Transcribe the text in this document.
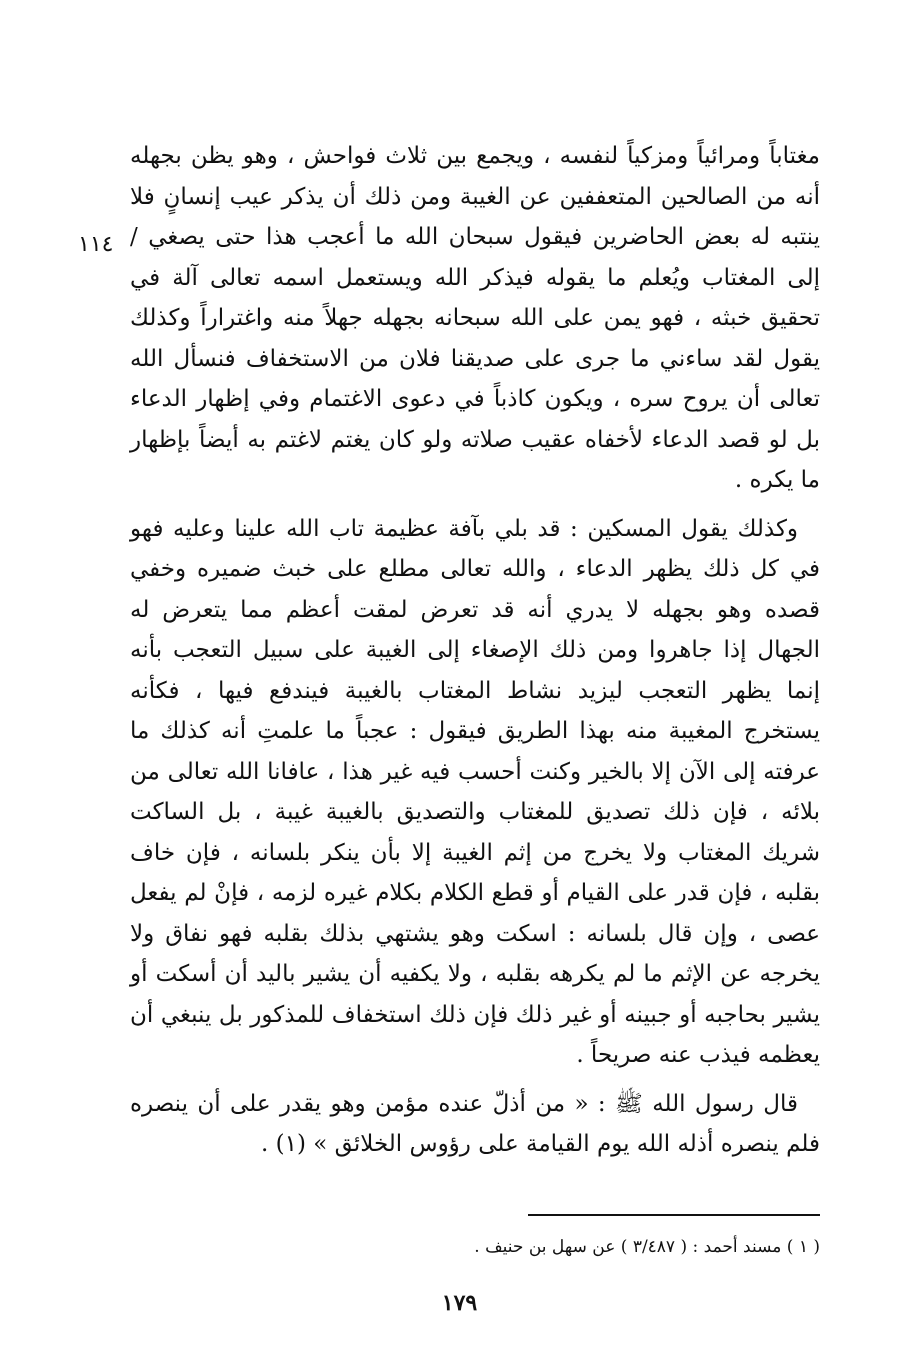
١١٤

مغتاباً ومرائياً ومزكياً لنفسه ، ويجمع بين ثلاث فواحش ، وهو يظن بجهله أنه من الصالحين المتعففين عن الغيبة ومن ذلك أن يذكر عيب إنسانٍ فلا ينتبه له بعض الحاضرين فيقول سبحان الله ما أعجب هذا حتى يصغي / إلى المغتاب ويُعلم ما يقوله فيذكر الله ويستعمل اسمه تعالى آلة في تحقيق خبثه ، فهو يمن على الله سبحانه بجهله جهلاً منه واغتراراً وكذلك يقول لقد ساءني ما جرى على صديقنا فلان من الاستخفاف فنسأل الله تعالى أن يروح سره ، ويكون كاذباً في دعوى الاغتمام وفي إظهار الدعاء بل لو قصد الدعاء لأخفاه عقيب صلاته ولو كان يغتم لاغتم به أيضاً بإظهار ما يكره .

وكذلك يقول المسكين : قد بلي بآفة عظيمة تاب الله علينا وعليه فهو في كل ذلك يظهر الدعاء ، والله تعالى مطلع على خبث ضميره وخفي قصده وهو بجهله لا يدري أنه قد تعرض لمقت أعظم مما يتعرض له الجهال إذا جاهروا ومن ذلك الإصغاء إلى الغيبة على سبيل التعجب بأنه إنما يظهر التعجب ليزيد نشاط المغتاب بالغيبة فيندفع فيها ، فكأنه يستخرج المغيبة منه بهذا الطريق فيقول : عجباً ما علمتِ أنه كذلك ما عرفته إلى الآن إلا بالخير وكنت أحسب فيه غير هذا ، عافانا الله تعالى من بلائه ، فإن ذلك تصديق للمغتاب والتصديق بالغيبة غيبة ، بل الساكت شريك المغتاب ولا يخرج من إثم الغيبة إلا بأن ينكر بلسانه ، فإن خاف بقلبه ، فإن قدر على القيام أو قطع الكلام بكلام غيره لزمه ، فإنْ لم يفعل عصى ، وإن قال بلسانه : اسكت وهو يشتهي بذلك بقلبه فهو نفاق ولا يخرجه عن الإثم ما لم يكرهه بقلبه ، ولا يكفيه أن يشير باليد أن أسكت أو يشير بحاجبه أو جبينه أو غير ذلك فإن ذلك استخفاف للمذكور بل ينبغي أن يعظمه فيذب عنه صريحاً .

قال رسول الله ﷺ : « من أذلّ عنده مؤمن وهو يقدر على أن ينصره فلم ينصره أذله الله يوم القيامة على رؤوس الخلائق » (١) .

( ١ ) مسند أحمد : ( ٣/٤٨٧ ) عن سهل بن حنيف .
١٧٩
